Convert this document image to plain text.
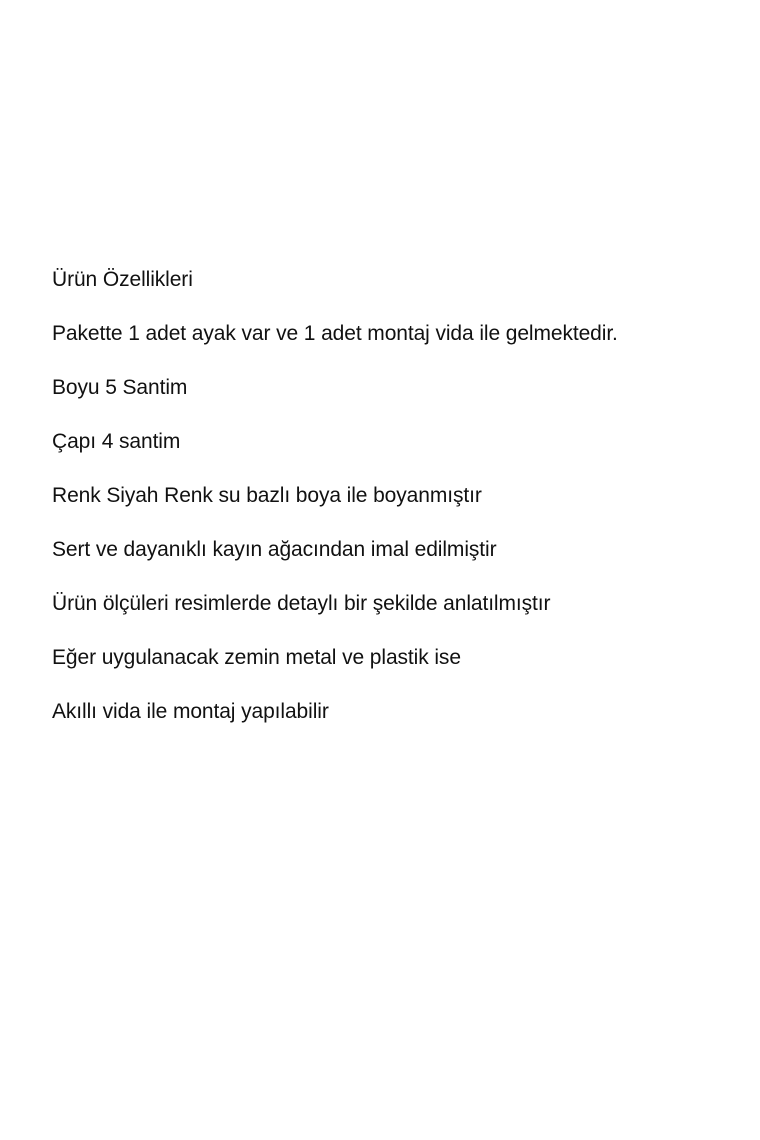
Ürün Özellikleri
Pakette 1 adet ayak var ve 1 adet montaj vida ile gelmektedir.
Boyu 5 Santim
Çapı 4 santim
Renk Siyah Renk su bazlı boya ile boyanmıştır
Sert ve dayanıklı kayın ağacından imal edilmiştir
Ürün ölçüleri resimlerde detaylı bir şekilde anlatılmıştır
Eğer uygulanacak zemin metal ve plastik ise
Akıllı vida ile montaj yapılabilir
